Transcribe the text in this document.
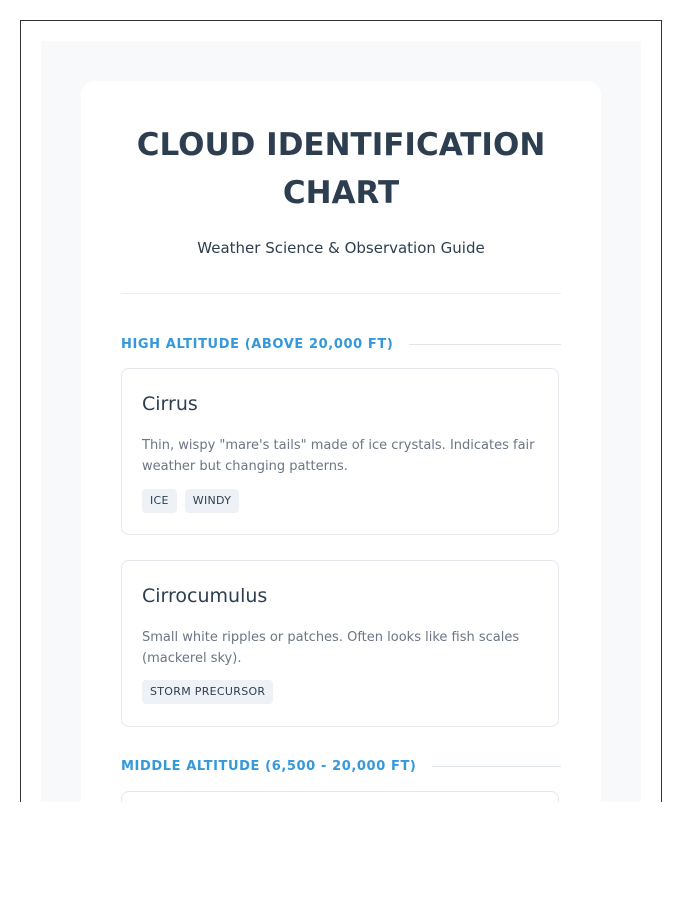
CLOUD IDENTIFICATION CHART
Weather Science & Observation Guide
HIGH ALTITUDE (ABOVE 20,000 FT)
Cirrus

Thin, wispy "mare's tails" made of ice crystals. Indicates fair weather but changing patterns.

ICE	WINDY
Cirrocumulus

Small white ripples or patches. Often looks like fish scales (mackerel sky).

STORM PRECURSOR
MIDDLE ALTITUDE (6,500 - 20,000 FT)
